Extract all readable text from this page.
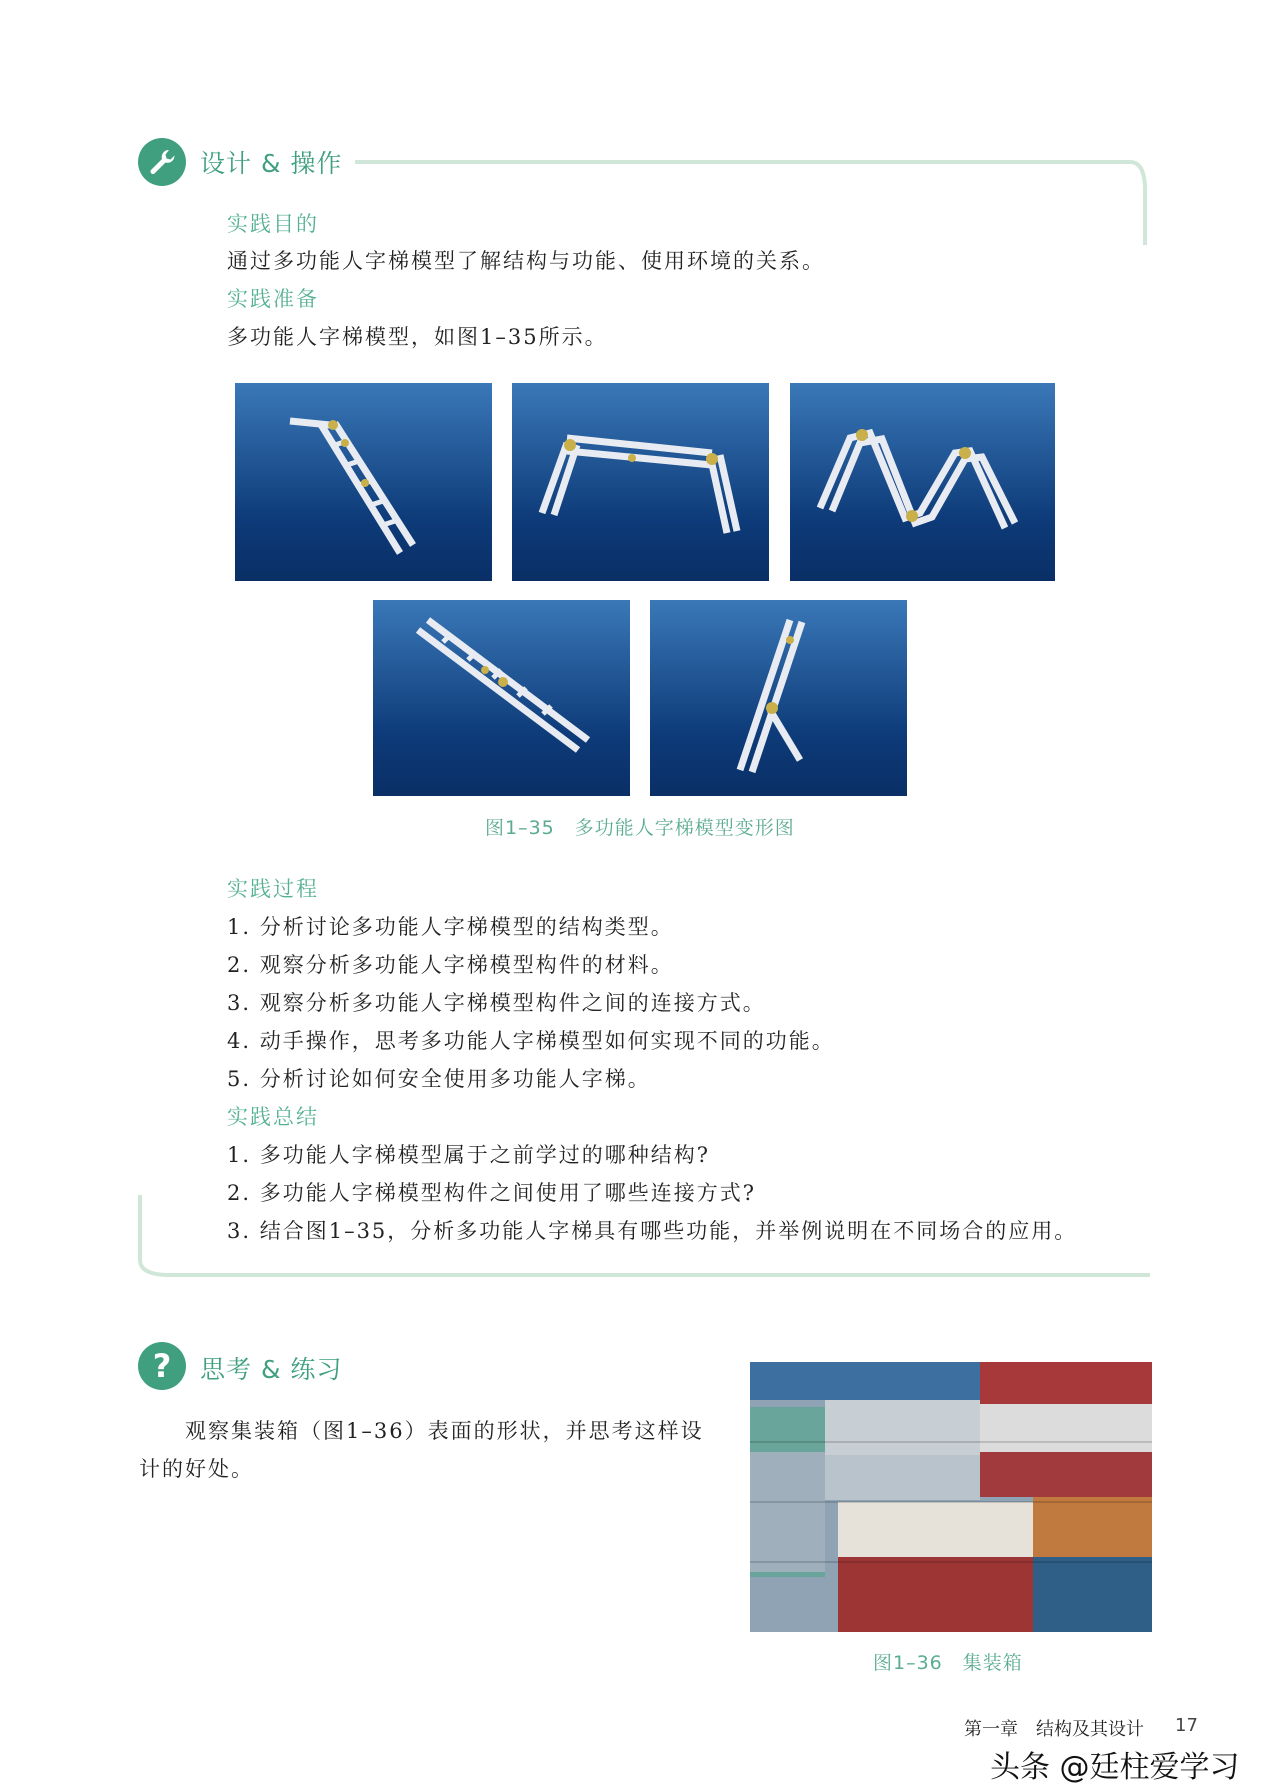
设计 & 操作
实践目的
通过多功能人字梯模型了解结构与功能、使用环境的关系。
实践准备
多功能人字梯模型，如图1–35所示。
图1–35　多功能人字梯模型变形图
实践过程
1. 分析讨论多功能人字梯模型的结构类型。
2. 观察分析多功能人字梯模型构件的材料。
3. 观察分析多功能人字梯模型构件之间的连接方式。
4. 动手操作，思考多功能人字梯模型如何实现不同的功能。
5. 分析讨论如何安全使用多功能人字梯。
实践总结
1. 多功能人字梯模型属于之前学过的哪种结构?
2. 多功能人字梯模型构件之间使用了哪些连接方式?
3. 结合图1–35，分析多功能人字梯具有哪些功能，并举例说明在不同场合的应用。
? 思考 & 练习
观察集装箱（图1–36）表面的形状，并思考这样设
计的好处。
图1–36　集装箱
第一章　结构及其设计 17
头条 @廷柱爱学习
